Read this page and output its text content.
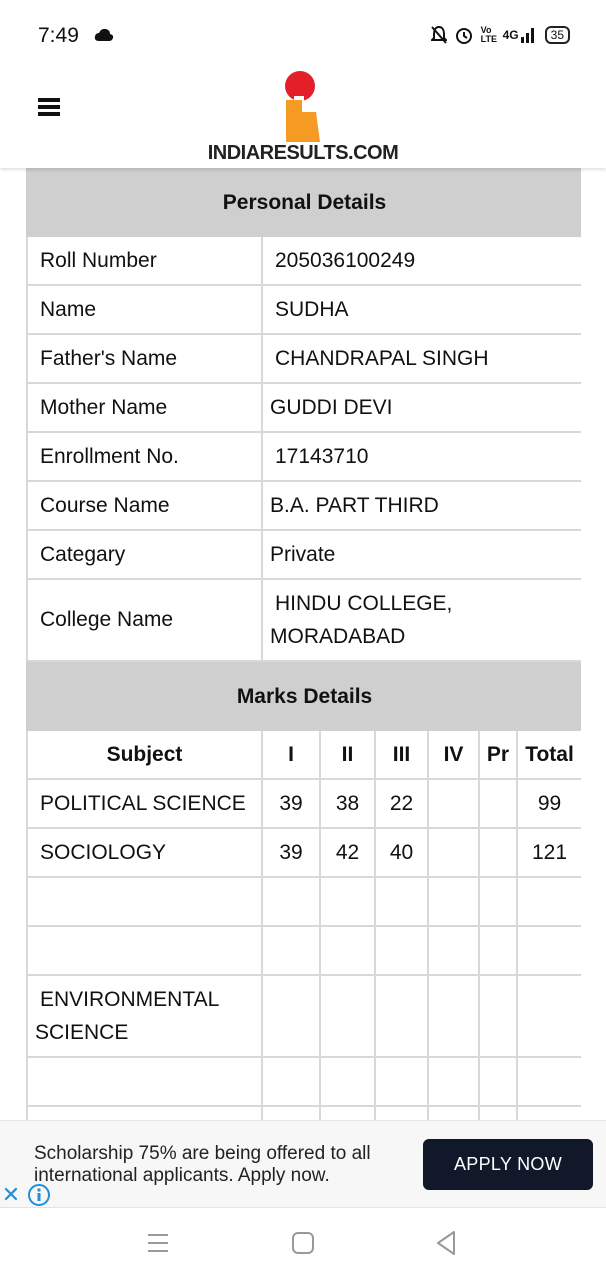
7:49	Vo LTE 4G	35
INDIARESULTS.COM
Personal Details	
Roll Number	205036100249
Name	SUDHA
Father's Name	CHANDRAPAL SINGH
Mother Name	GUDDI DEVI
Enrollment No.	17143710
Course Name	B.A. PART THIRD
Categary	Private
College Name	HINDU COLLEGE, MORADABAD
Marks Details						
Subject	I	II	III	IV	Pr	Total
POLITICAL SCIENCE	39	38	22			99
SOCIOLOGY	39	42	40			121

ENVIRONMENTAL SCIENCE						

Scholarship 75% are being offered to all international applicants. Apply now.
APPLY NOW
✕
